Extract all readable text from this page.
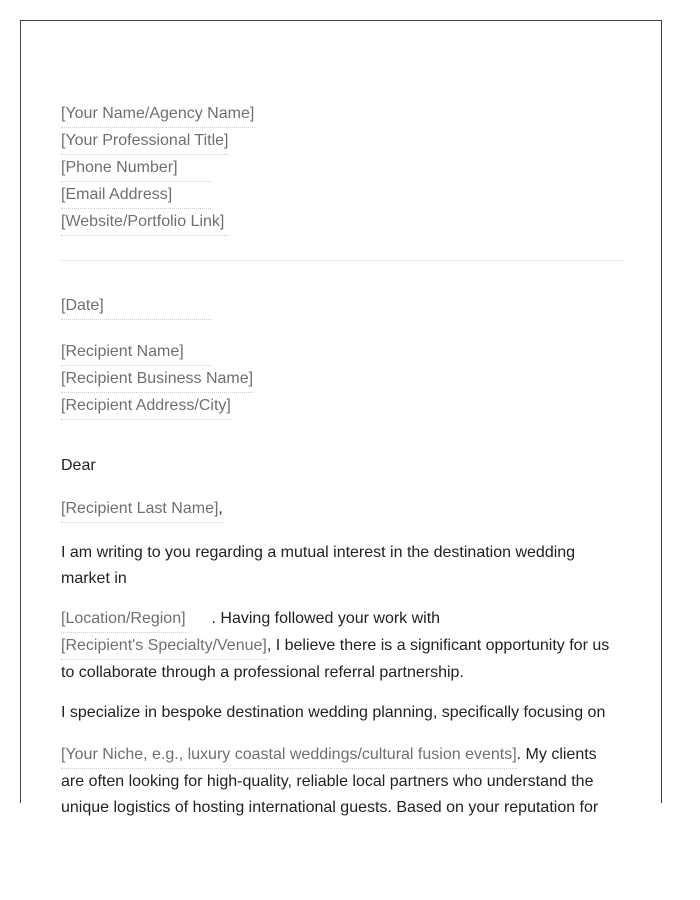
[Your Name/Agency Name]
[Your Professional Title]
[Phone Number]
[Email Address]
[Website/Portfolio Link]
[Date]
[Recipient Name]
[Recipient Business Name]
[Recipient Address/City]

Dear

[Recipient Last Name],

I am writing to you regarding a mutual interest in the destination wedding market in

[Location/Region] . Having followed your work with
[Recipient's Specialty/Venue], I believe there is a significant opportunity for us to collaborate through a professional referral partnership.

I specialize in bespoke destination wedding planning, specifically focusing on

[Your Niche, e.g., luxury coastal weddings/cultural fusion events]. My clients are often looking for high-quality, reliable local partners who understand the unique logistics of hosting international guests. Based on your reputation for
